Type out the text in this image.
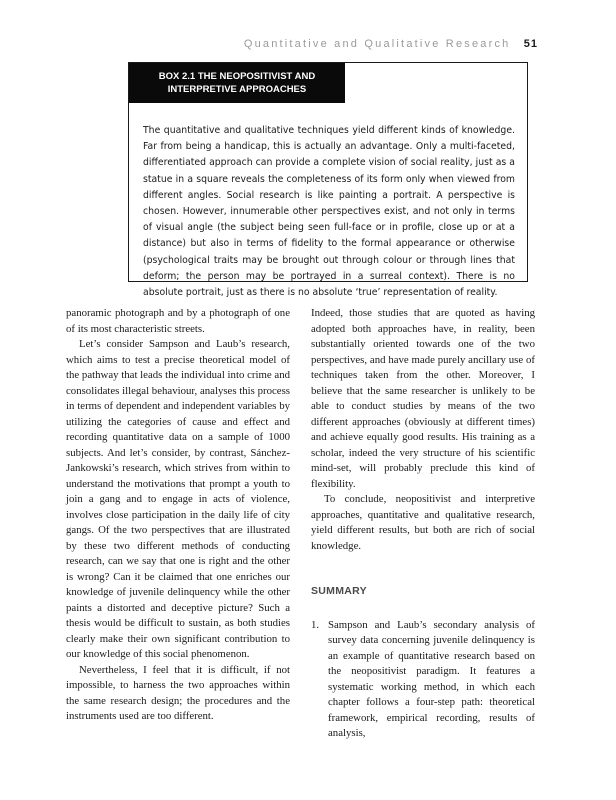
Quantitative and Qualitative Research 51
BOX 2.1 THE NEOPOSITIVIST AND
INTERPRETIVE APPROACHES

The quantitative and qualitative techniques yield different kinds of knowledge. Far from being a handicap, this is actually an advantage. Only a multi-faceted, differentiated approach can provide a complete vision of social reality, just as a statue in a square reveals the completeness of its form only when viewed from different angles. Social research is like painting a portrait. A perspective is chosen. However, innumerable other perspectives exist, and not only in terms of visual angle (the subject being seen full-face or in profile, close up or at a distance) but also in terms of fidelity to the formal appearance or otherwise (psychological traits may be brought out through colour or through lines that deform; the person may be portrayed in a surreal context). There is no absolute portrait, just as there is no absolute ‘true’ representation of reality.

panoramic photograph and by a photograph of one of its most characteristic streets.

Let’s consider Sampson and Laub’s research, which aims to test a precise theoretical model of the pathway that leads the individual into crime and consolidates illegal behaviour, analyses this process in terms of dependent and independent variables by utilizing the categories of cause and effect and recording quantitative data on a sample of 1000 subjects. And let’s consider, by contrast, Sánchez-Jankowski’s research, which strives from within to understand the motivations that prompt a youth to join a gang and to engage in acts of violence, involves close participation in the daily life of city gangs. Of the two perspectives that are illustrated by these two different methods of conducting research, can we say that one is right and the other is wrong? Can it be claimed that one enriches our knowledge of juvenile delinquency while the other paints a distorted and deceptive picture? Such a thesis would be difficult to sustain, as both studies clearly make their own significant contribution to our knowledge of this social phenomenon.

Nevertheless, I feel that it is difficult, if not impossible, to harness the two approaches within the same research design; the procedures and the instruments used are too different.

Indeed, those studies that are quoted as having adopted both approaches have, in reality, been substantially oriented towards one of the two perspectives, and have made purely ancillary use of techniques taken from the other. Moreover, I believe that the same researcher is unlikely to be able to conduct studies by means of the two different approaches (obviously at different times) and achieve equally good results. His training as a scholar, indeed the very structure of his scientific mind-set, will probably preclude this kind of flexibility.

To conclude, neopositivist and interpretive approaches, quantitative and qualitative research, yield different results, but both are rich of social knowledge.

SUMMARY
1. Sampson and Laub’s secondary analysis of survey data concerning juvenile delinquency is an example of quantitative research based on the neopositivist paradigm. It features a systematic working method, in which each chapter follows a four-step path: theoretical framework, empirical recording, results of analysis,
